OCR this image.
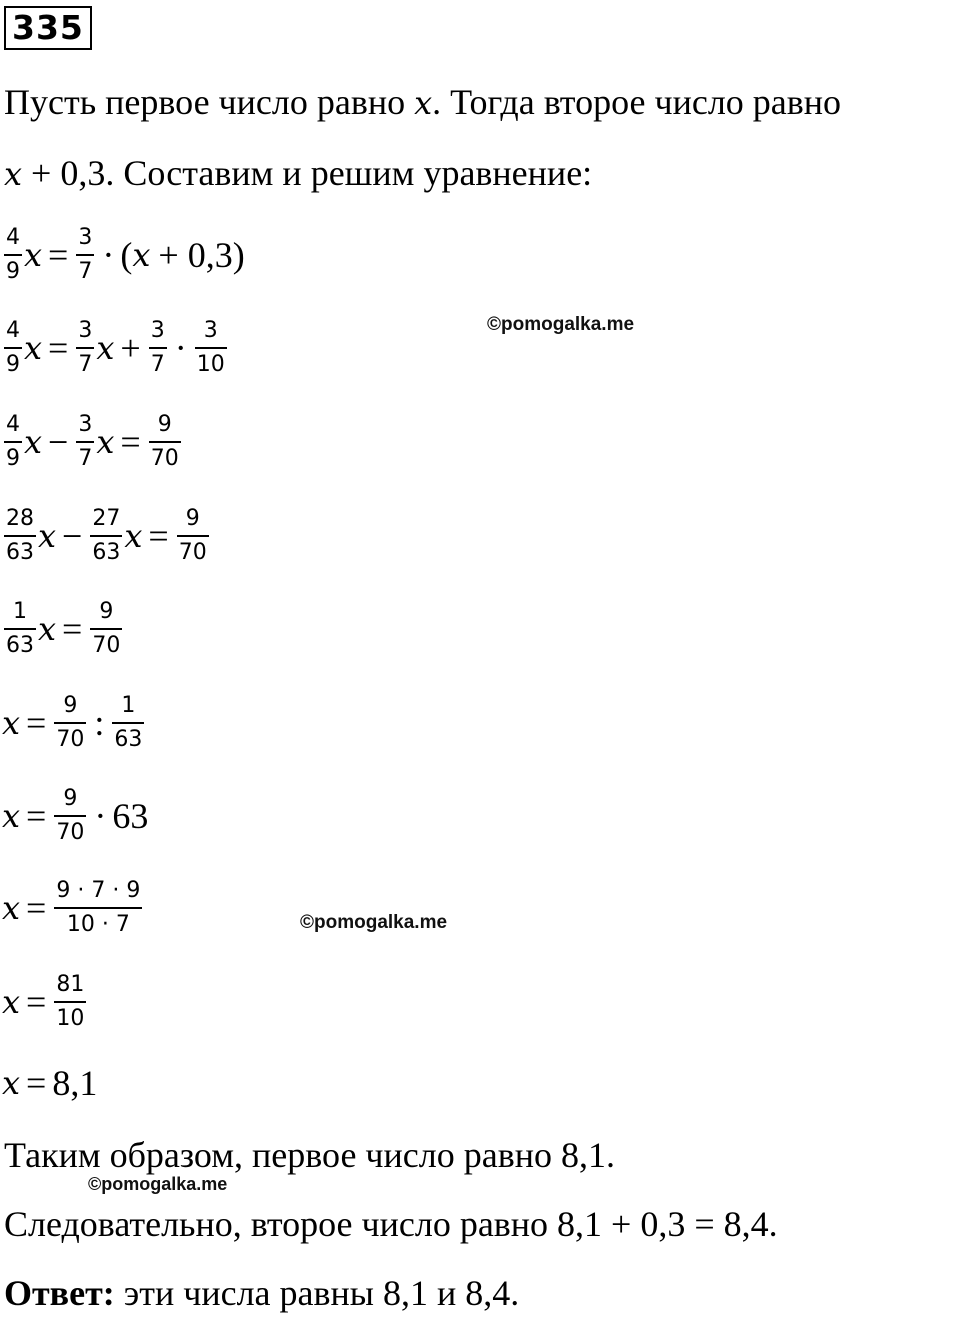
335
Пусть первое число равно x. Тогда второе число равно
x + 0,3. Составим и решим уравнение:
$\frac{4}{9}$ $x = \frac{3}{7}$ · ( x + 0,3 )
$\frac{4}{9}$ $x = \frac{3}{7}$ $x + \frac{3}{7} \cdot \frac{3}{10}$	©pomogalka.me
$\frac{4}{9}$ $x - \frac{3}{7}$ $x = \frac{9}{70}$
$\frac{28}{63}$ $x - \frac{27}{63}$ $x = \frac{9}{70}$
$\frac{1}{63}$ $x = \frac{9}{70}$
$x = \frac{9}{70}$ : $\frac{1}{63}$
$x = \frac{9}{70} \cdot 63$
$x = \frac{9 \cdot 7 \cdot 9}{10 \cdot 7}$	©pomogalka.me
$x = \frac{81}{10}$
x = 8,1
Таким образом, первое число равно 8,1.
©pomogalka.me
Следовательно, второе число равно 8,1 + 0,3 = 8,4.
Ответ: эти числа равны 8,1 и 8,4.
